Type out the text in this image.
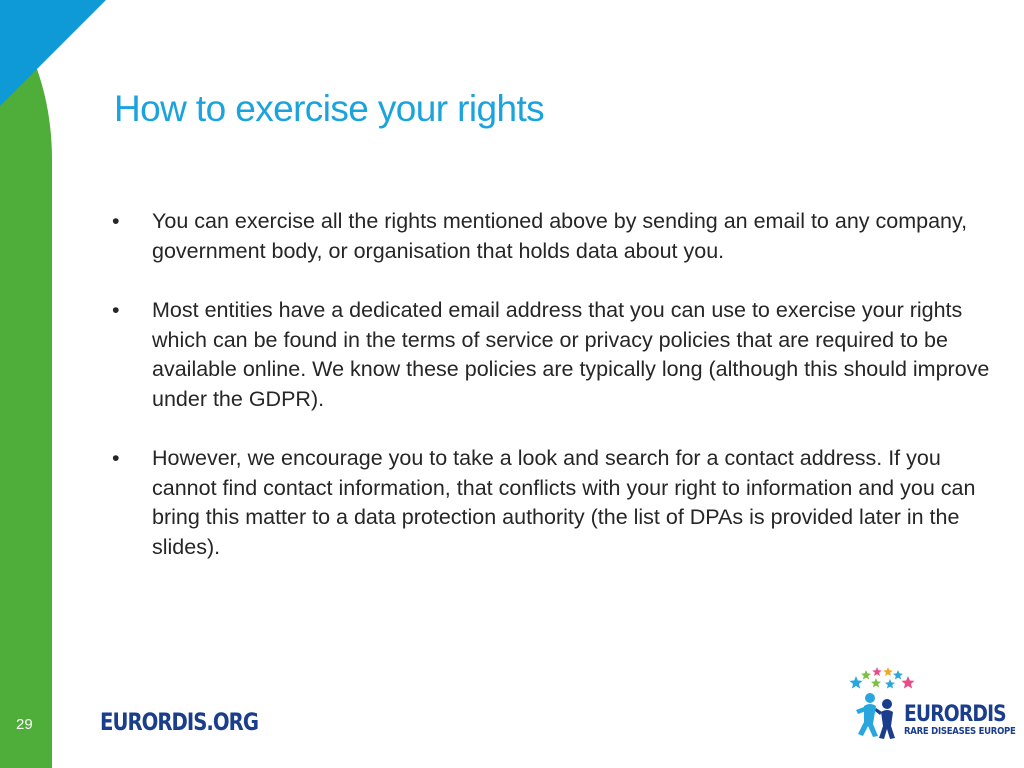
How to exercise your rights
•	You can exercise all the rights mentioned above by sending an email to any company, government body, or organisation that holds data about you.
•	Most entities have a dedicated email address that you can use to exercise your rights which can be found in the terms of service or privacy policies that are required to be available online. We know these policies are typically long (although this should improve under the GDPR).
•	However, we encourage you to take a look and search for a contact address. If you cannot find contact information, that conflicts with your right to information and you can bring this matter to a data protection authority (the list of DPAs is provided later in the slides).
29	EURORDIS.ORG	EURORDIS
RARE DISEASES EUROPE
